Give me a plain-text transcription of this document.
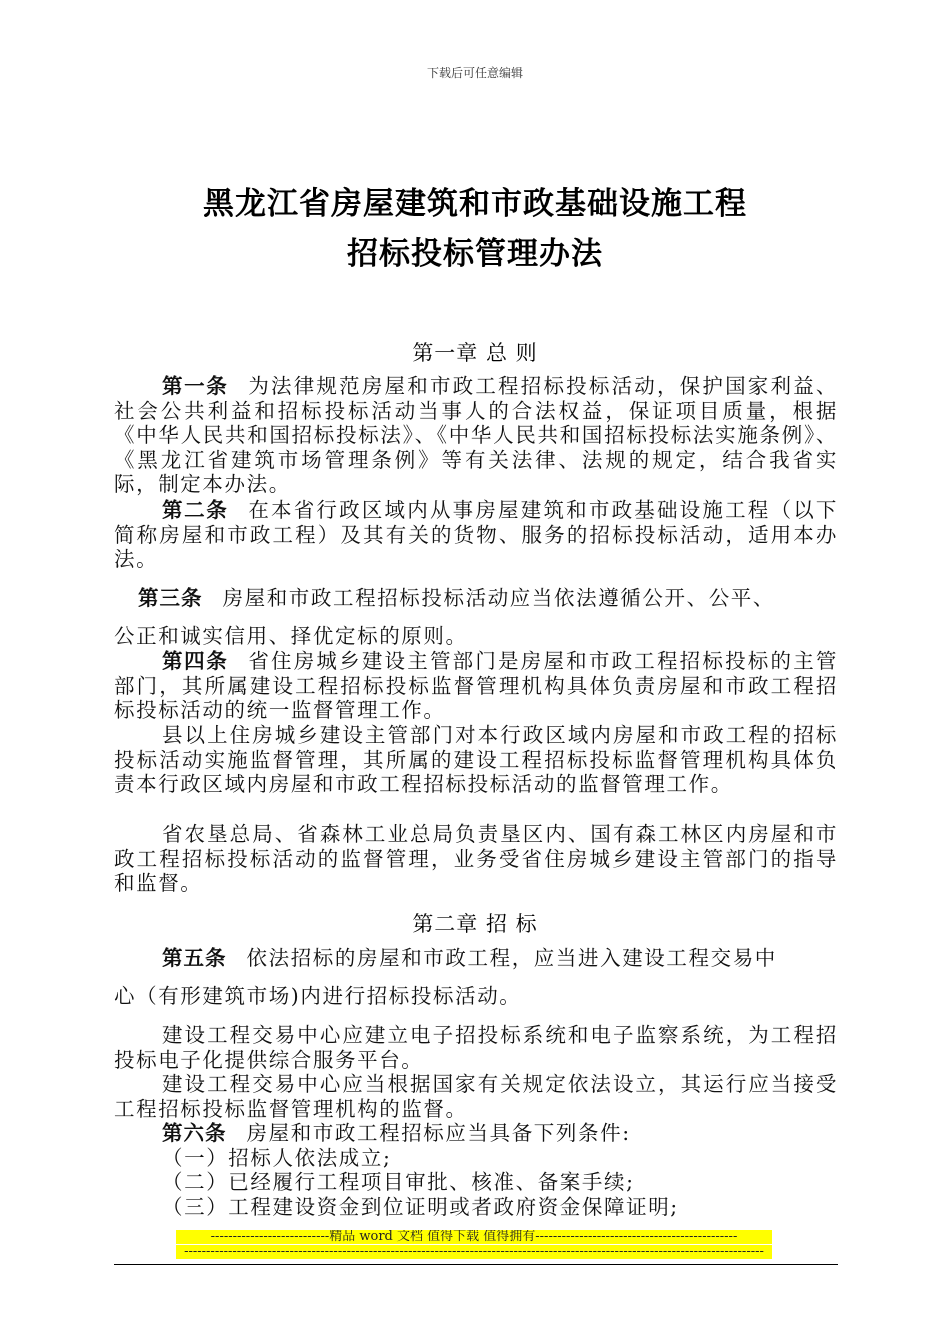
下载后可任意编辑
黑龙江省房屋建筑和市政基础设施工程
招标投标管理办法
第一章 总 则
第一条 为法律规范房屋和市政工程招标投标活动，保护国家利益、社会公共利益和招标投标活动当事人的合法权益，保证项目质量，根据《中华人民共和国招标投标法》、《中华人民共和国招标投标法实施条例》、《黑龙江省建筑市场管理条例》等有关法律、法规的规定，结合我省实际，制定本办法。
第二条 在本省行政区域内从事房屋建筑和市政基础设施工程（以下简称房屋和市政工程）及其有关的货物、服务的招标投标活动，适用本办法。
第三条 房屋和市政工程招标投标活动应当依法遵循公开、公平、
公正和诚实信用、择优定标的原则。
第四条 省住房城乡建设主管部门是房屋和市政工程招标投标的主管部门，其所属建设工程招标投标监督管理机构具体负责房屋和市政工程招标投标活动的统一监督管理工作。
县以上住房城乡建设主管部门对本行政区域内房屋和市政工程的招标投标活动实施监督管理，其所属的建设工程招标投标监督管理机构具体负责本行政区域内房屋和市政工程招标投标活动的监督管理工作。
省农垦总局、省森林工业总局负责垦区内、国有森工林区内房屋和市政工程招标投标活动的监督管理，业务受省住房城乡建设主管部门的指导和监督。
第二章 招 标
第五条 依法招标的房屋和市政工程，应当进入建设工程交易中
心（有形建筑市场)内进行招标投标活动。
建设工程交易中心应建立电子招投标系统和电子监察系统，为工程招投标电子化提供综合服务平台。
建设工程交易中心应当根据国家有关规定依法设立，其运行应当接受工程招标投标监督管理机构的监督。
第六条 房屋和市政工程招标应当具备下列条件:
（一）招标人依法成立;
（二）已经履行工程项目审批、核准、备案手续;
（三）工程建设资金到位证明或者政府资金保障证明;
---------------------------精品 word 文档 值得下载 值得拥有----------------------------------------------
------------------------------------------------------------------------------------------------------------------------------------
